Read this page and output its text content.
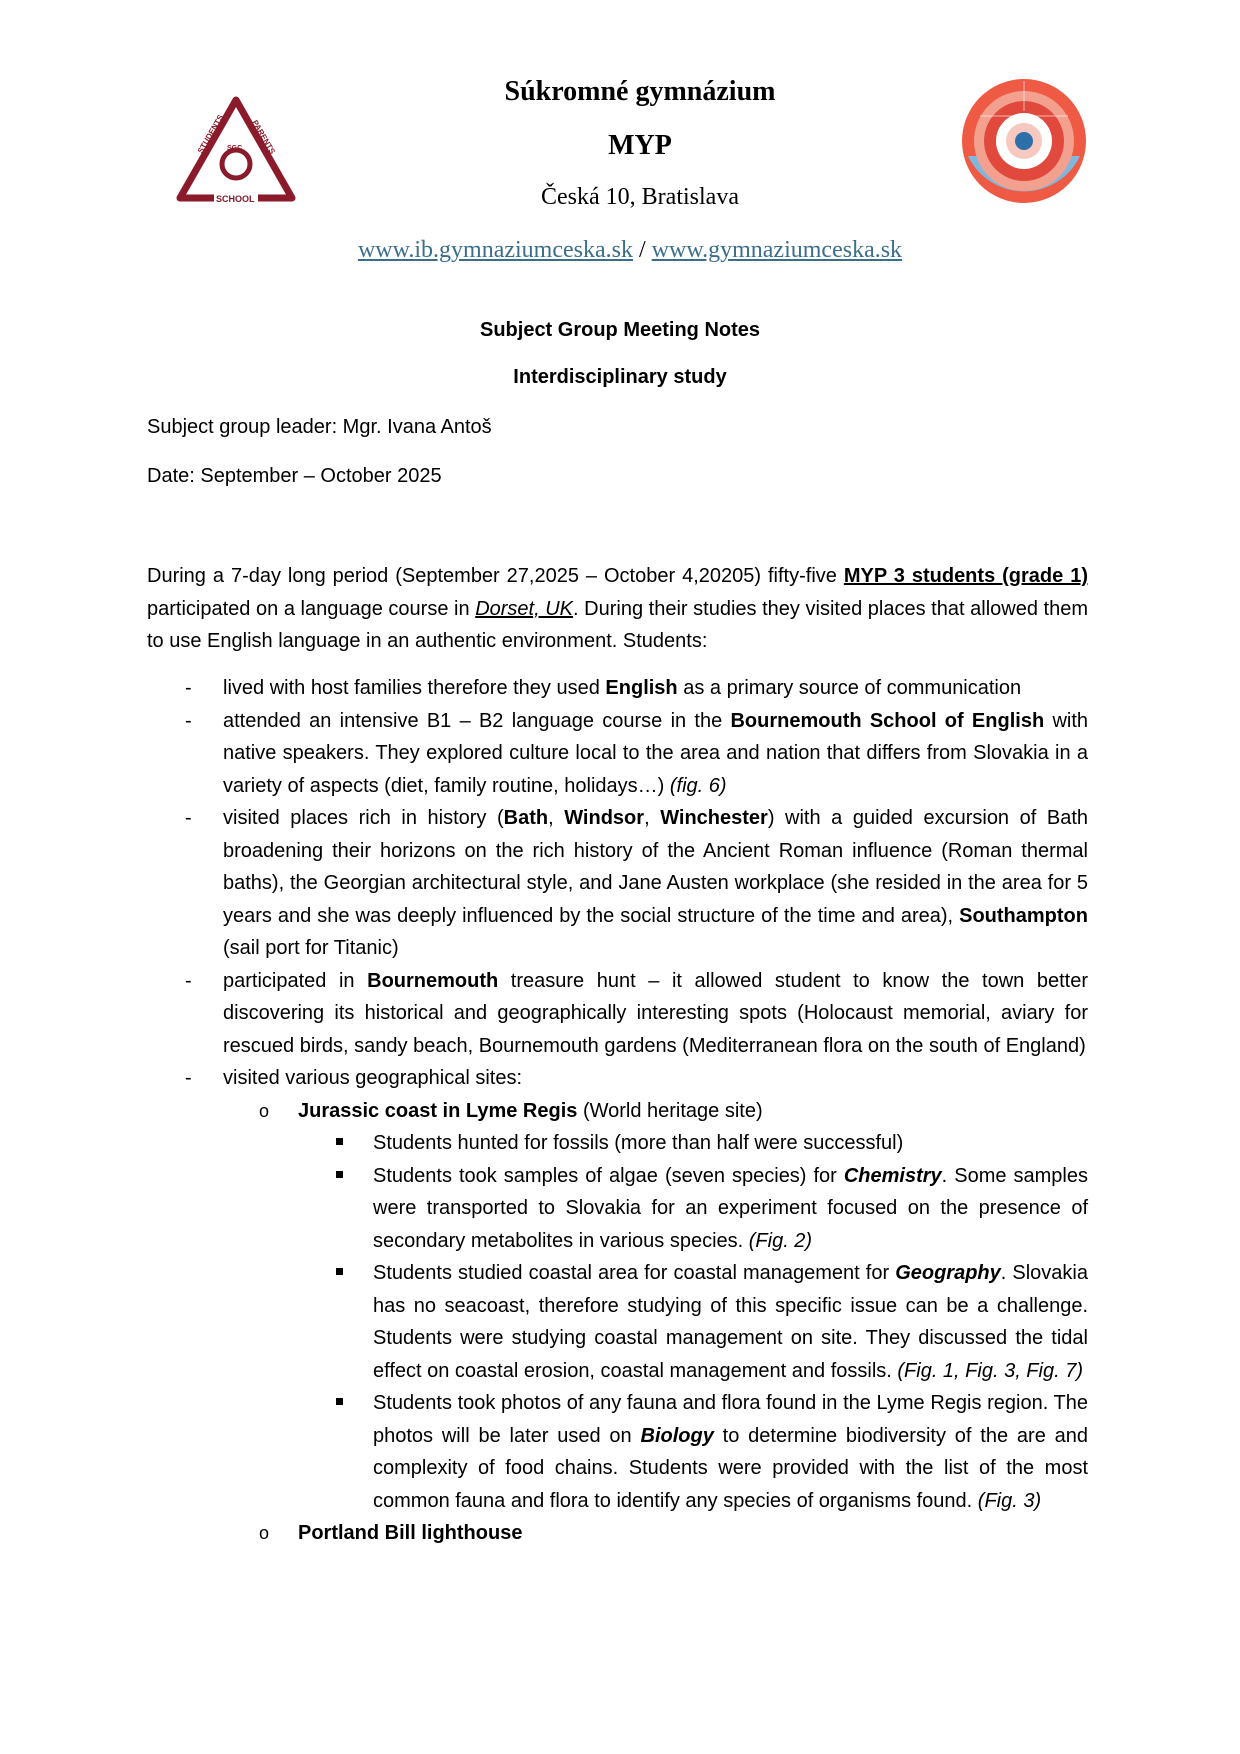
STUDENTS	PARENTS
SGC
SCHOOL
Súkromné gymnázium
MYP
Česká 10, Bratislava
www.ib.gymnaziumceska.sk / www.gymnaziumceska.sk
Subject Group Meeting Notes
Interdisciplinary study
Subject group leader: Mgr. Ivana Antoš
Date: September – October 2025

During a 7-day long period (September 27,2025 – October 4,20205) fifty-five MYP 3 students (grade 1) participated on a language course in Dorset, UK. During their studies they visited places that allowed them to use English language in an authentic environment. Students:

- lived with host families therefore they used English as a primary source of communication
- attended an intensive B1 – B2 language course in the Bournemouth School of English with native speakers. They explored culture local to the area and nation that differs from Slovakia in a variety of aspects (diet, family routine, holidays…) (fig. 6)
- visited places rich in history (Bath, Windsor, Winchester) with a guided excursion of Bath broadening their horizons on the rich history of the Ancient Roman influence (Roman thermal baths), the Georgian architectural style, and Jane Austen workplace (she resided in the area for 5 years and she was deeply influenced by the social structure of the time and area), Southampton (sail port for Titanic)
- participated in Bournemouth treasure hunt – it allowed student to know the town better discovering its historical and geographically interesting spots (Holocaust memorial, aviary for rescued birds, sandy beach, Bournemouth gardens (Mediterranean flora on the south of England)
- visited various geographical sites:
o Jurassic coast in Lyme Regis (World heritage site)
Students hunted for fossils (more than half were successful)
Students took samples of algae (seven species) for Chemistry. Some samples were transported to Slovakia for an experiment focused on the presence of secondary metabolites in various species. (Fig. 2)
Students studied coastal area for coastal management for Geography. Slovakia has no seacoast, therefore studying of this specific issue can be a challenge. Students were studying coastal management on site. They discussed the tidal effect on coastal erosion, coastal management and fossils. (Fig. 1, Fig. 3, Fig. 7)
Students took photos of any fauna and flora found in the Lyme Regis region. The photos will be later used on Biology to determine biodiversity of the are and complexity of food chains. Students were provided with the list of the most common fauna and flora to identify any species of organisms found. (Fig. 3)
o Portland Bill lighthouse
